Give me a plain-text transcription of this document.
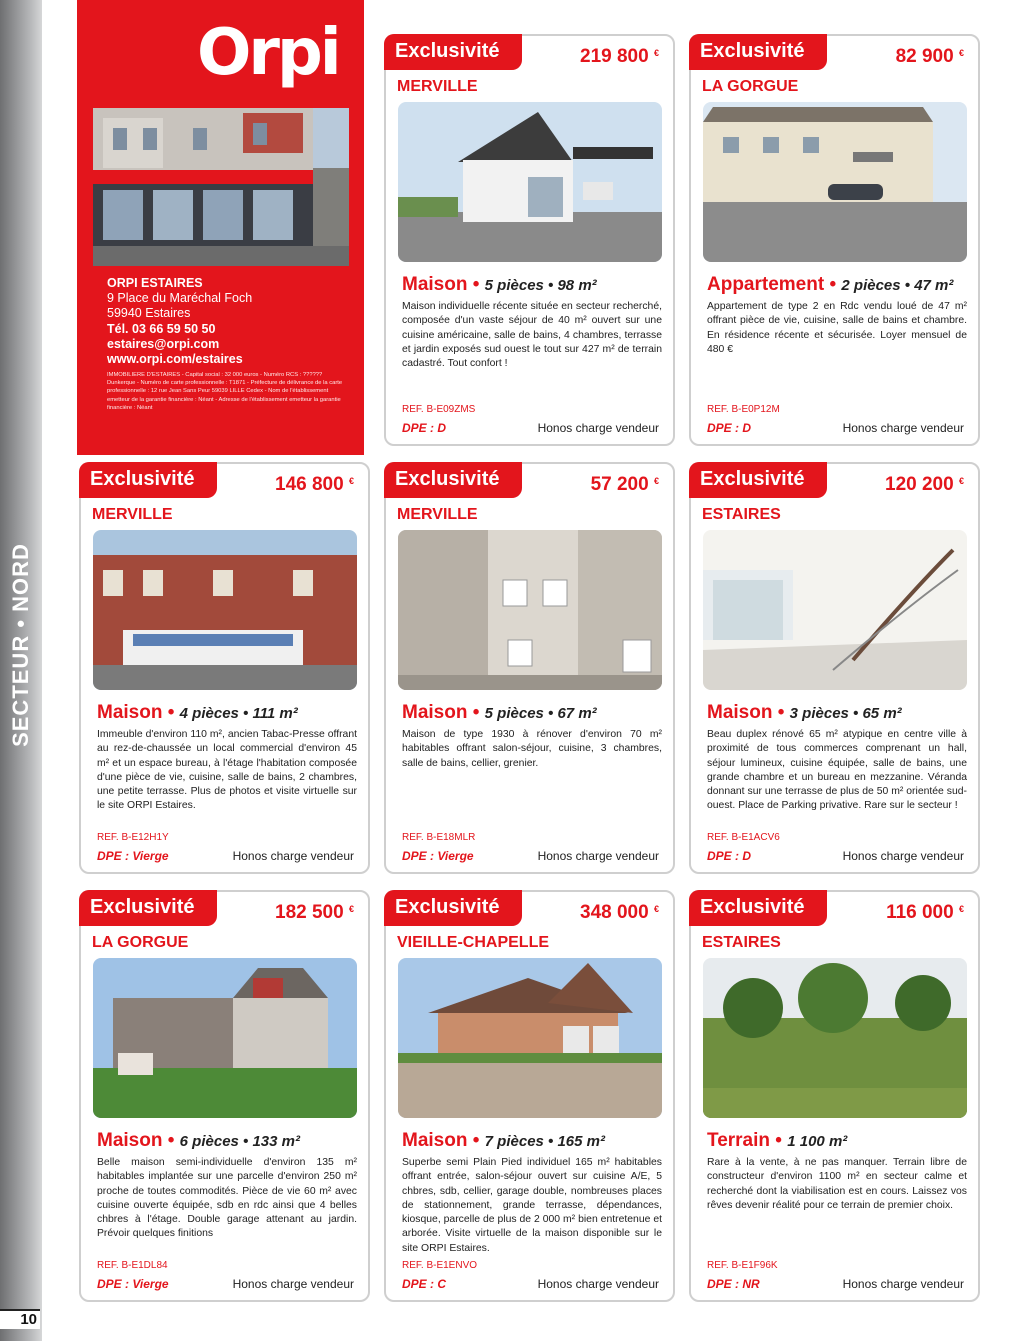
SECTEUR • NORD
10
Orpi
ORPI ESTAIRES
9 Place du Maréchal Foch
59940 Estaires
Tél. 03 66 59 50 50
estaires@orpi.com
www.orpi.com/estaires
IMMOBILIERE D'ESTAIRES - Capital social : 32 000 euros - Numéro RCS : ?????? Dunkerque - Numéro de carte professionnelle : T1871 - Préfecture de délivrance de la carte professionnelle : 12 rue Jean Sans Peur 59039 LILLE Cedex - Nom de l'établissement emetteur de la garantie financière : Néant - Adresse de l'établissement emetteur la garantie financière : Néant
Exclusivité	219 800 €
MERVILLE
Maison • 5 pièces • 98 m²
Maison individuelle récente située en secteur recherché, composée d'un vaste séjour de 40 m² ouvert sur une cuisine américaine, salle de bains, 4 chambres, terrasse et jardin exposés sud ouest le tout sur 427 m² de terrain cadastré. Tout confort !
REF. B-E09ZMS
DPE : D	Honos charge vendeur
Exclusivité	82 900 €
LA GORGUE
Appartement • 2 pièces • 47 m²
Appartement de type 2 en Rdc vendu loué de 47 m² offrant pièce de vie, cuisine, salle de bains et chambre. En résidence récente et sécurisée. Loyer mensuel de 480 €
REF. B-E0P12M
DPE : D	Honos charge vendeur
Exclusivité	146 800 €
MERVILLE
Maison • 4 pièces • 111 m²
Immeuble d'environ 110 m², ancien Tabac-Presse offrant au rez-de-chaussée un local commercial d'environ 45 m² et un espace bureau, à l'étage l'habitation composée d'une pièce de vie, cuisine, salle de bains, 2 chambres, une petite terrasse. Plus de photos et visite virtuelle sur le site ORPI Estaires.
REF. B-E12H1Y
DPE : Vierge	Honos charge vendeur
Exclusivité	57 200 €
MERVILLE
Maison • 5 pièces • 67 m²
Maison de type 1930 à rénover d'environ 70 m² habitables offrant salon-séjour, cuisine, 3 chambres, salle de bains, cellier, grenier.
REF. B-E18MLR
DPE : Vierge	Honos charge vendeur
Exclusivité	120 200 €
ESTAIRES
Maison • 3 pièces • 65 m²
Beau duplex rénové 65 m² atypique en centre ville à proximité de tous commerces comprenant un hall, séjour lumineux, cuisine équipée, salle de bains, une grande chambre et un bureau en mezzanine. Véranda donnant sur une terrasse de plus de 50 m² orientée sud-ouest. Place de Parking privative. Rare sur le secteur !
REF. B-E1ACV6
DPE : D	Honos charge vendeur
Exclusivité	182 500 €
LA GORGUE
Maison • 6 pièces • 133 m²
Belle maison semi-individuelle d'environ 135 m² habitables implantée sur une parcelle d'environ 250 m² proche de toutes commodités. Pièce de vie 60 m² avec cuisine ouverte équipée, sdb en rdc ainsi que 4 belles chbres à l'étage. Double garage attenant au jardin. Prévoir quelques finitions
REF. B-E1DL84
DPE : Vierge	Honos charge vendeur
Exclusivité	348 000 €
VIEILLE-CHAPELLE
Maison • 7 pièces • 165 m²
Superbe semi Plain Pied individuel 165 m² habitables offrant entrée, salon-séjour ouvert sur cuisine A/E, 5 chbres, sdb, cellier, garage double, nombreuses places de stationnement, grande terrasse, dépendances, kiosque, parcelle de plus de 2 000 m² bien entretenue et arborée. Visite virtuelle de la maison disponible sur le site ORPI Estaires.
REF. B-E1ENVO
DPE : C	Honos charge vendeur
Exclusivité	116 000 €
ESTAIRES
Terrain • 1 100 m²
Rare à la vente, à ne pas manquer. Terrain libre de constructeur d'environ 1100 m² en secteur calme et recherché dont la viabilisation est en cours. Laissez vos rêves devenir réalité pour ce terrain de premier choix.
REF. B-E1F96K
DPE : NR	Honos charge vendeur
